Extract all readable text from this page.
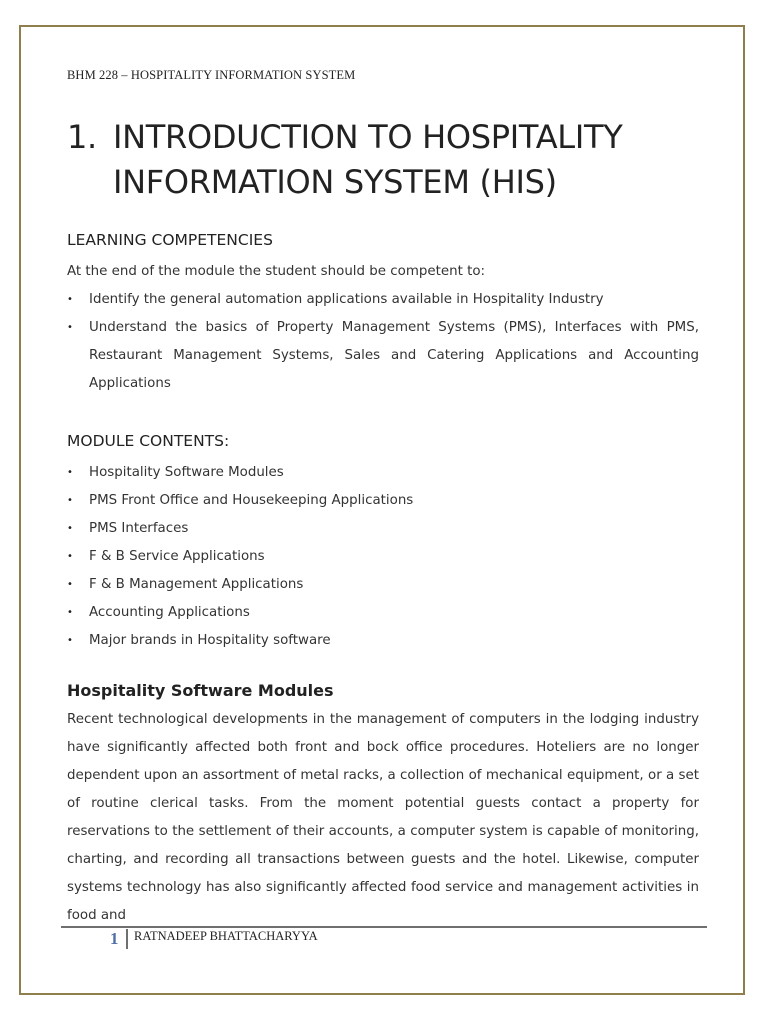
BHM 228 – HOSPITALITY INFORMATION SYSTEM
1. INTRODUCTION TO HOSPITALITY INFORMATION SYSTEM (HIS)
LEARNING COMPETENCIES

At the end of the module the student should be competent to:

•	Identify the general automation applications available in Hospitality Industry
•	Understand the basics of Property Management Systems (PMS), Interfaces with PMS, Restaurant Management Systems, Sales and Catering Applications and Accounting Applications
MODULE CONTENTS:
•	Hospitality Software Modules
•	PMS Front Office and Housekeeping Applications
•	PMS Interfaces
•	F & B Service Applications
•	F & B Management Applications
•	Accounting Applications
•	Major brands in Hospitality software
Hospitality Software Modules

Recent technological developments in the management of computers in the lodging industry have significantly affected both front and bock office procedures. Hoteliers are no longer dependent upon an assortment of metal racks, a collection of mechanical equipment, or a set of routine clerical tasks. From the moment potential guests contact a property for reservations to the settlement of their accounts, a computer system is capable of monitoring, charting, and recording all transactions between guests and the hotel. Likewise, computer systems technology has also significantly affected food service and management activities in food and

1 RATNADEEP BHATTACHARYYA
